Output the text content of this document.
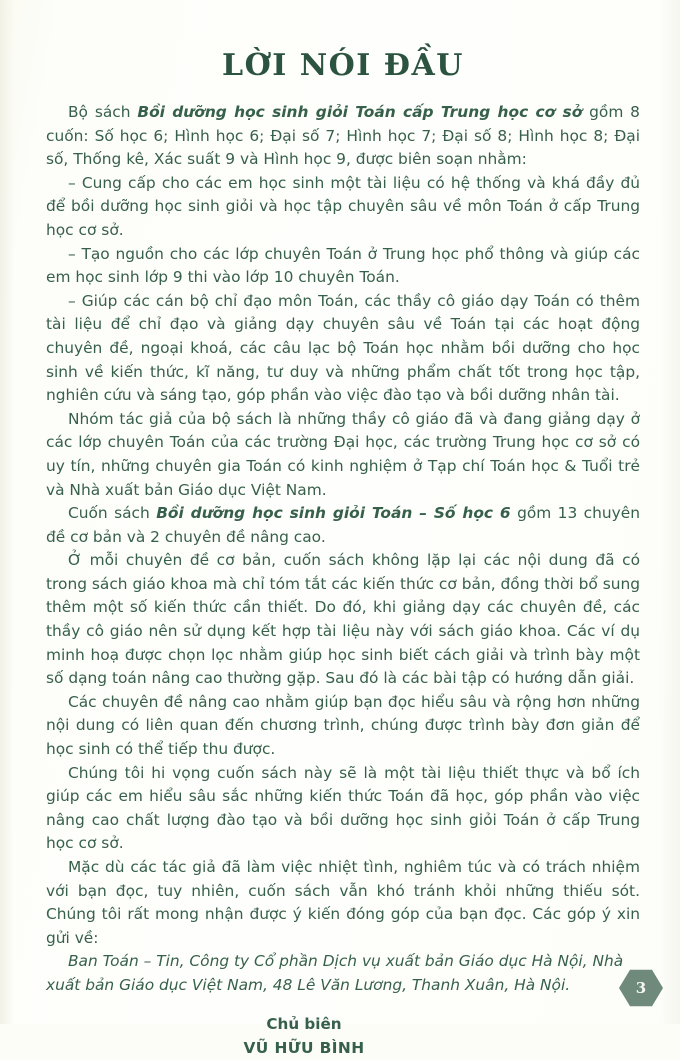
LỜI NÓI ĐẦU

Bộ sách Bồi dưỡng học sinh giỏi Toán cấp Trung học cơ sở gồm 8 cuốn: Số học 6; Hình học 6; Đại số 7; Hình học 7; Đại số 8; Hình học 8; Đại số, Thống kê, Xác suất 9 và Hình học 9, được biên soạn nhằm:

– Cung cấp cho các em học sinh một tài liệu có hệ thống và khá đầy đủ để bồi dưỡng học sinh giỏi và học tập chuyên sâu về môn Toán ở cấp Trung học cơ sở.

– Tạo nguồn cho các lớp chuyên Toán ở Trung học phổ thông và giúp các em học sinh lớp 9 thi vào lớp 10 chuyên Toán.

– Giúp các cán bộ chỉ đạo môn Toán, các thầy cô giáo dạy Toán có thêm tài liệu để chỉ đạo và giảng dạy chuyên sâu về Toán tại các hoạt động chuyên đề, ngoại khoá, các câu lạc bộ Toán học nhằm bồi dưỡng cho học sinh về kiến thức, kĩ năng, tư duy và những phẩm chất tốt trong học tập, nghiên cứu và sáng tạo, góp phần vào việc đào tạo và bồi dưỡng nhân tài.

Nhóm tác giả của bộ sách là những thầy cô giáo đã và đang giảng dạy ở các lớp chuyên Toán của các trường Đại học, các trường Trung học cơ sở có uy tín, những chuyên gia Toán có kinh nghiệm ở Tạp chí Toán học & Tuổi trẻ và Nhà xuất bản Giáo dục Việt Nam.

Cuốn sách Bồi dưỡng học sinh giỏi Toán – Số học 6 gồm 13 chuyên đề cơ bản và 2 chuyên đề nâng cao.

Ở mỗi chuyên đề cơ bản, cuốn sách không lặp lại các nội dung đã có trong sách giáo khoa mà chỉ tóm tắt các kiến thức cơ bản, đồng thời bổ sung thêm một số kiến thức cần thiết. Do đó, khi giảng dạy các chuyên đề, các thầy cô giáo nên sử dụng kết hợp tài liệu này với sách giáo khoa. Các ví dụ minh hoạ được chọn lọc nhằm giúp học sinh biết cách giải và trình bày một số dạng toán nâng cao thường gặp. Sau đó là các bài tập có hướng dẫn giải.

Các chuyên đề nâng cao nhằm giúp bạn đọc hiểu sâu và rộng hơn những nội dung có liên quan đến chương trình, chúng được trình bày đơn giản để học sinh có thể tiếp thu được.

Chúng tôi hi vọng cuốn sách này sẽ là một tài liệu thiết thực và bổ ích giúp các em hiểu sâu sắc những kiến thức Toán đã học, góp phần vào việc nâng cao chất lượng đào tạo và bồi dưỡng học sinh giỏi Toán ở cấp Trung học cơ sở.

Mặc dù các tác giả đã làm việc nhiệt tình, nghiêm túc và có trách nhiệm với bạn đọc, tuy nhiên, cuốn sách vẫn khó tránh khỏi những thiếu sót. Chúng tôi rất mong nhận được ý kiến đóng góp của bạn đọc. Các góp ý xin gửi về:

Ban Toán – Tin, Công ty Cổ phần Dịch vụ xuất bản Giáo dục Hà Nội, Nhà xuất bản Giáo dục Việt Nam, 48 Lê Văn Lương, Thanh Xuân, Hà Nội.

Chủ biên
VŨ HỮU BÌNH
3
